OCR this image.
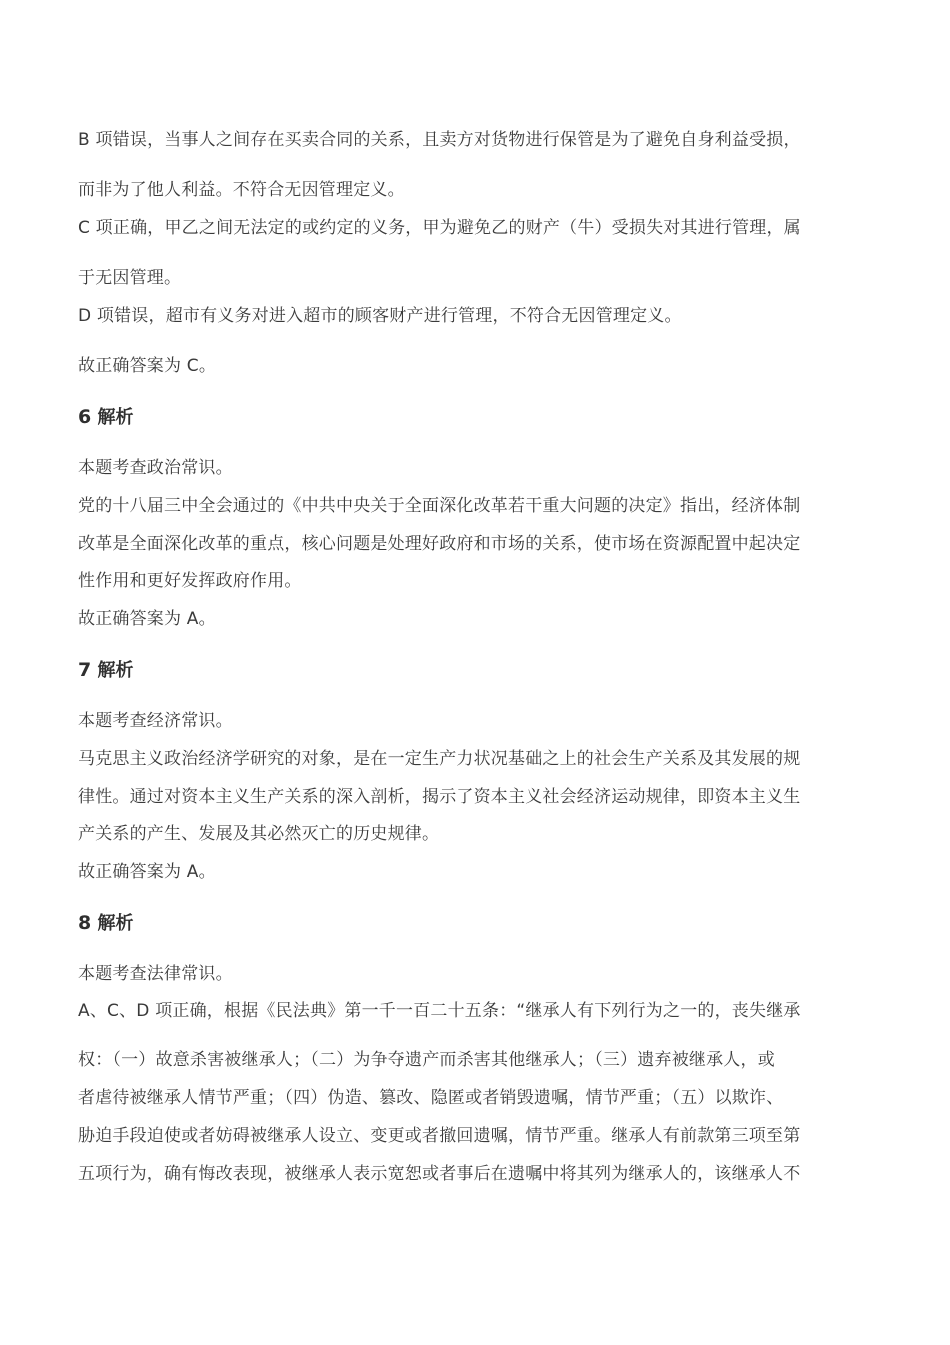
B 项错误，当事人之间存在买卖合同的关系，且卖方对货物进行保管是为了避免自身利益受损，
而非为了他人利益。不符合无因管理定义。
C 项正确，甲乙之间无法定的或约定的义务，甲为避免乙的财产（牛）受损失对其进行管理，属
于无因管理。
D 项错误，超市有义务对进入超市的顾客财产进行管理，不符合无因管理定义。
故正确答案为 C。
6 解析
本题考查政治常识。
党的十八届三中全会通过的《中共中央关于全面深化改革若干重大问题的决定》指出，经济体制
改革是全面深化改革的重点，核心问题是处理好政府和市场的关系，使市场在资源配置中起决定
性作用和更好发挥政府作用。
故正确答案为 A。
7 解析
本题考查经济常识。
马克思主义政治经济学研究的对象，是在一定生产力状况基础之上的社会生产关系及其发展的规
律性。通过对资本主义生产关系的深入剖析，揭示了资本主义社会经济运动规律，即资本主义生
产关系的产生、发展及其必然灭亡的历史规律。
故正确答案为 A。
8 解析
本题考查法律常识。
A、C、D 项正确，根据《民法典》第一千一百二十五条：“继承人有下列行为之一的，丧失继承
权：（一）故意杀害被继承人；（二）为争夺遗产而杀害其他继承人；（三）遗弃被继承人，或
者虐待被继承人情节严重；（四）伪造、篡改、隐匿或者销毁遗嘱，情节严重；（五）以欺诈、
胁迫手段迫使或者妨碍被继承人设立、变更或者撤回遗嘱，情节严重。继承人有前款第三项至第
五项行为，确有悔改表现，被继承人表示宽恕或者事后在遗嘱中将其列为继承人的，该继承人不
